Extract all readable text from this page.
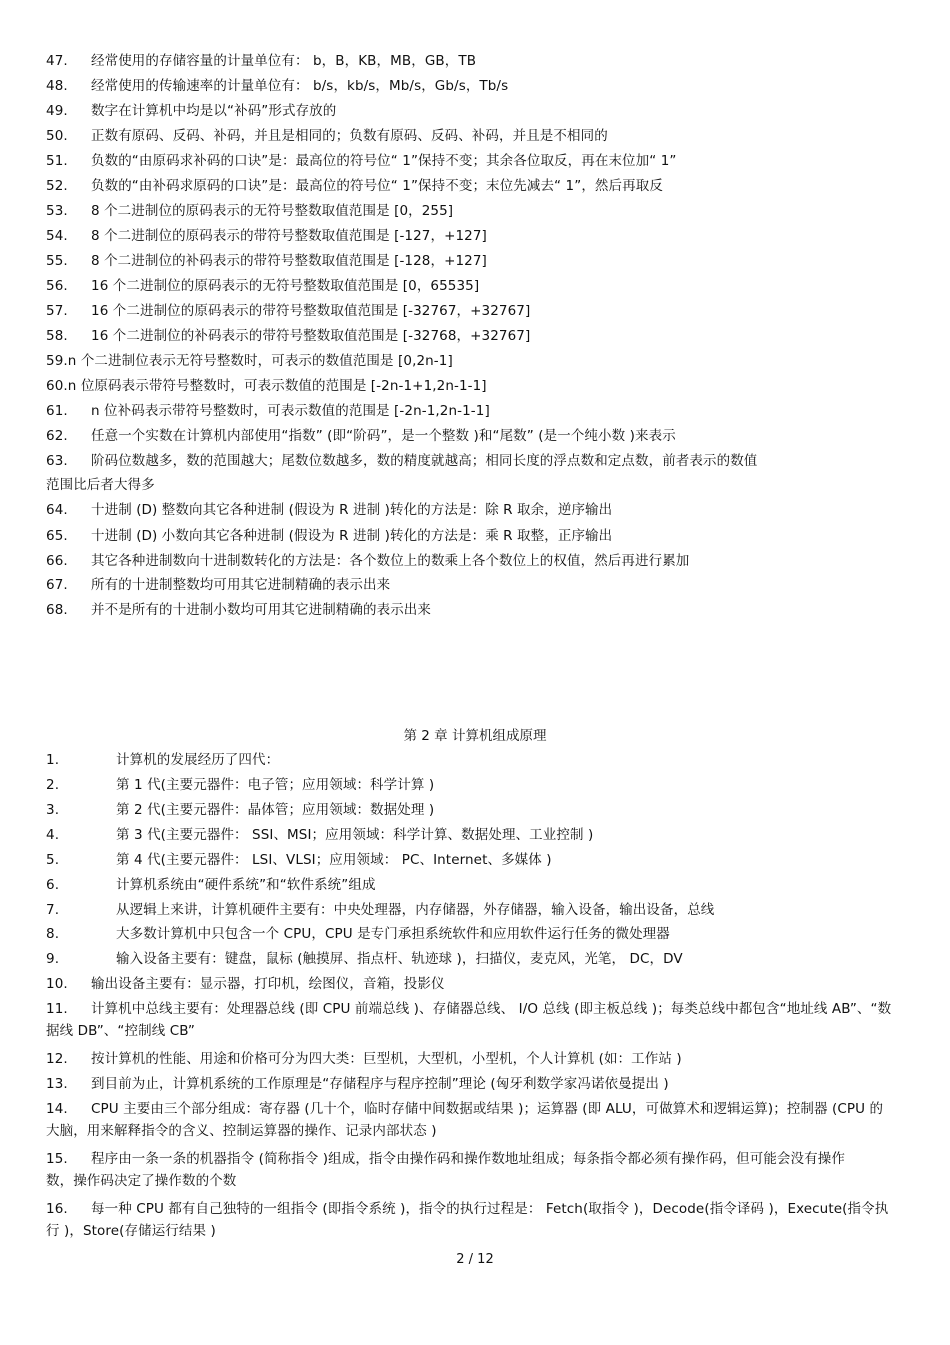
47. 经常使用的存储容量的计量单位有： b，B，KB，MB，GB，TB
48. 经常使用的传输速率的计量单位有： b/s，kb/s，Mb/s，Gb/s，Tb/s
49. 数字在计算机中均是以“补码”形式存放的
50. 正数有原码、反码、补码，并且是相同的；负数有原码、反码、补码，并且是不相同的
51. 负数的“由原码求补码的口诀”是：最高位的符号位“ 1”保持不变；其余各位取反，再在末位加“ 1”
52. 负数的“由补码求原码的口诀”是：最高位的符号位“ 1”保持不变；末位先减去“ 1”，然后再取反
53. 8 个二进制位的原码表示的无符号整数取值范围是 [0，255]
54. 8 个二进制位的原码表示的带符号整数取值范围是 [-127，+127]
55. 8 个二进制位的补码表示的带符号整数取值范围是 [-128，+127]
56. 16 个二进制位的原码表示的无符号整数取值范围是 [0，65535]
57. 16 个二进制位的原码表示的带符号整数取值范围是 [-32767，+32767]
58. 16 个二进制位的补码表示的带符号整数取值范围是 [-32768，+32767]
59.n 个二进制位表示无符号整数时，可表示的数值范围是 [0,2n-1]
60.n 位原码表示带符号整数时，可表示数值的范围是 [-2n-1+1,2n-1-1]
61. n 位补码表示带符号整数时，可表示数值的范围是 [-2n-1,2n-1-1]
62. 任意一个实数在计算机内部使用“指数” (即“阶码”，是一个整数 )和“尾数” (是一个纯小数 )来表示
63. 阶码位数越多，数的范围越大；尾数位数越多，数的精度就越高；相同长度的浮点数和定点数，前者表示的数值
范围比后者大得多
64. 十进制 (D) 整数向其它各种进制 (假设为 R 进制 )转化的方法是：除 R 取余，逆序输出
65. 十进制 (D) 小数向其它各种进制 (假设为 R 进制 )转化的方法是：乘 R 取整，正序输出
66. 其它各种进制数向十进制数转化的方法是：各个数位上的数乘上各个数位上的权值，然后再进行累加
67. 所有的十进制整数均可用其它进制精确的表示出来
68. 并不是所有的十进制小数均可用其它进制精确的表示出来
第 2 章 计算机组成原理
1.	计算机的发展经历了四代：
2.	第 1 代(主要元器件：电子管；应用领域：科学计算 )
3.	第 2 代(主要元器件：晶体管；应用领域：数据处理 )
4.	第 3 代(主要元器件： SSI、MSI；应用领域：科学计算、数据处理、工业控制 )
5.	第 4 代(主要元器件： LSI、VLSI；应用领域： PC、Internet、多媒体 )
6.	计算机系统由“硬件系统”和“软件系统”组成
7.	从逻辑上来讲，计算机硬件主要有：中央处理器，内存储器，外存储器，输入设备，输出设备，总线
8.	大多数计算机中只包含一个 CPU，CPU 是专门承担系统软件和应用软件运行任务的微处理器
9.	输入设备主要有：键盘，鼠标 (触摸屏、指点杆、轨迹球 )，扫描仪，麦克风，光笔， DC，DV
10. 输出设备主要有：显示器，打印机，绘图仪，音箱，投影仪
11. 计算机中总线主要有：处理器总线 (即 CPU 前端总线 )、存储器总线、 I/O 总线 (即主板总线 )；每类总线中都包含“地址线 AB”、“数据线 DB”、“控制线 CB”
12. 按计算机的性能、用途和价格可分为四大类：巨型机，大型机，小型机，个人计算机 (如：工作站 )
13. 到目前为止，计算机系统的工作原理是“存储程序与程序控制”理论 (匈牙利数学家冯诺依曼提出 )
14. CPU 主要由三个部分组成：寄存器 (几十个，临时存储中间数据或结果 )；运算器 (即 ALU，可做算术和逻辑运算)；控制器 (CPU 的大脑，用来解释指令的含义、控制运算器的操作、记录内部状态 )
15. 程序由一条一条的机器指令 (简称指令 )组成，指令由操作码和操作数地址组成；每条指令都必须有操作码，但可能会没有操作数，操作码决定了操作数的个数
16. 每一种 CPU 都有自己独特的一组指令 (即指令系统 )，指令的执行过程是： Fetch(取指令 )，Decode(指令译码 )，Execute(指令执行 )，Store(存储运行结果 )
2 / 12
